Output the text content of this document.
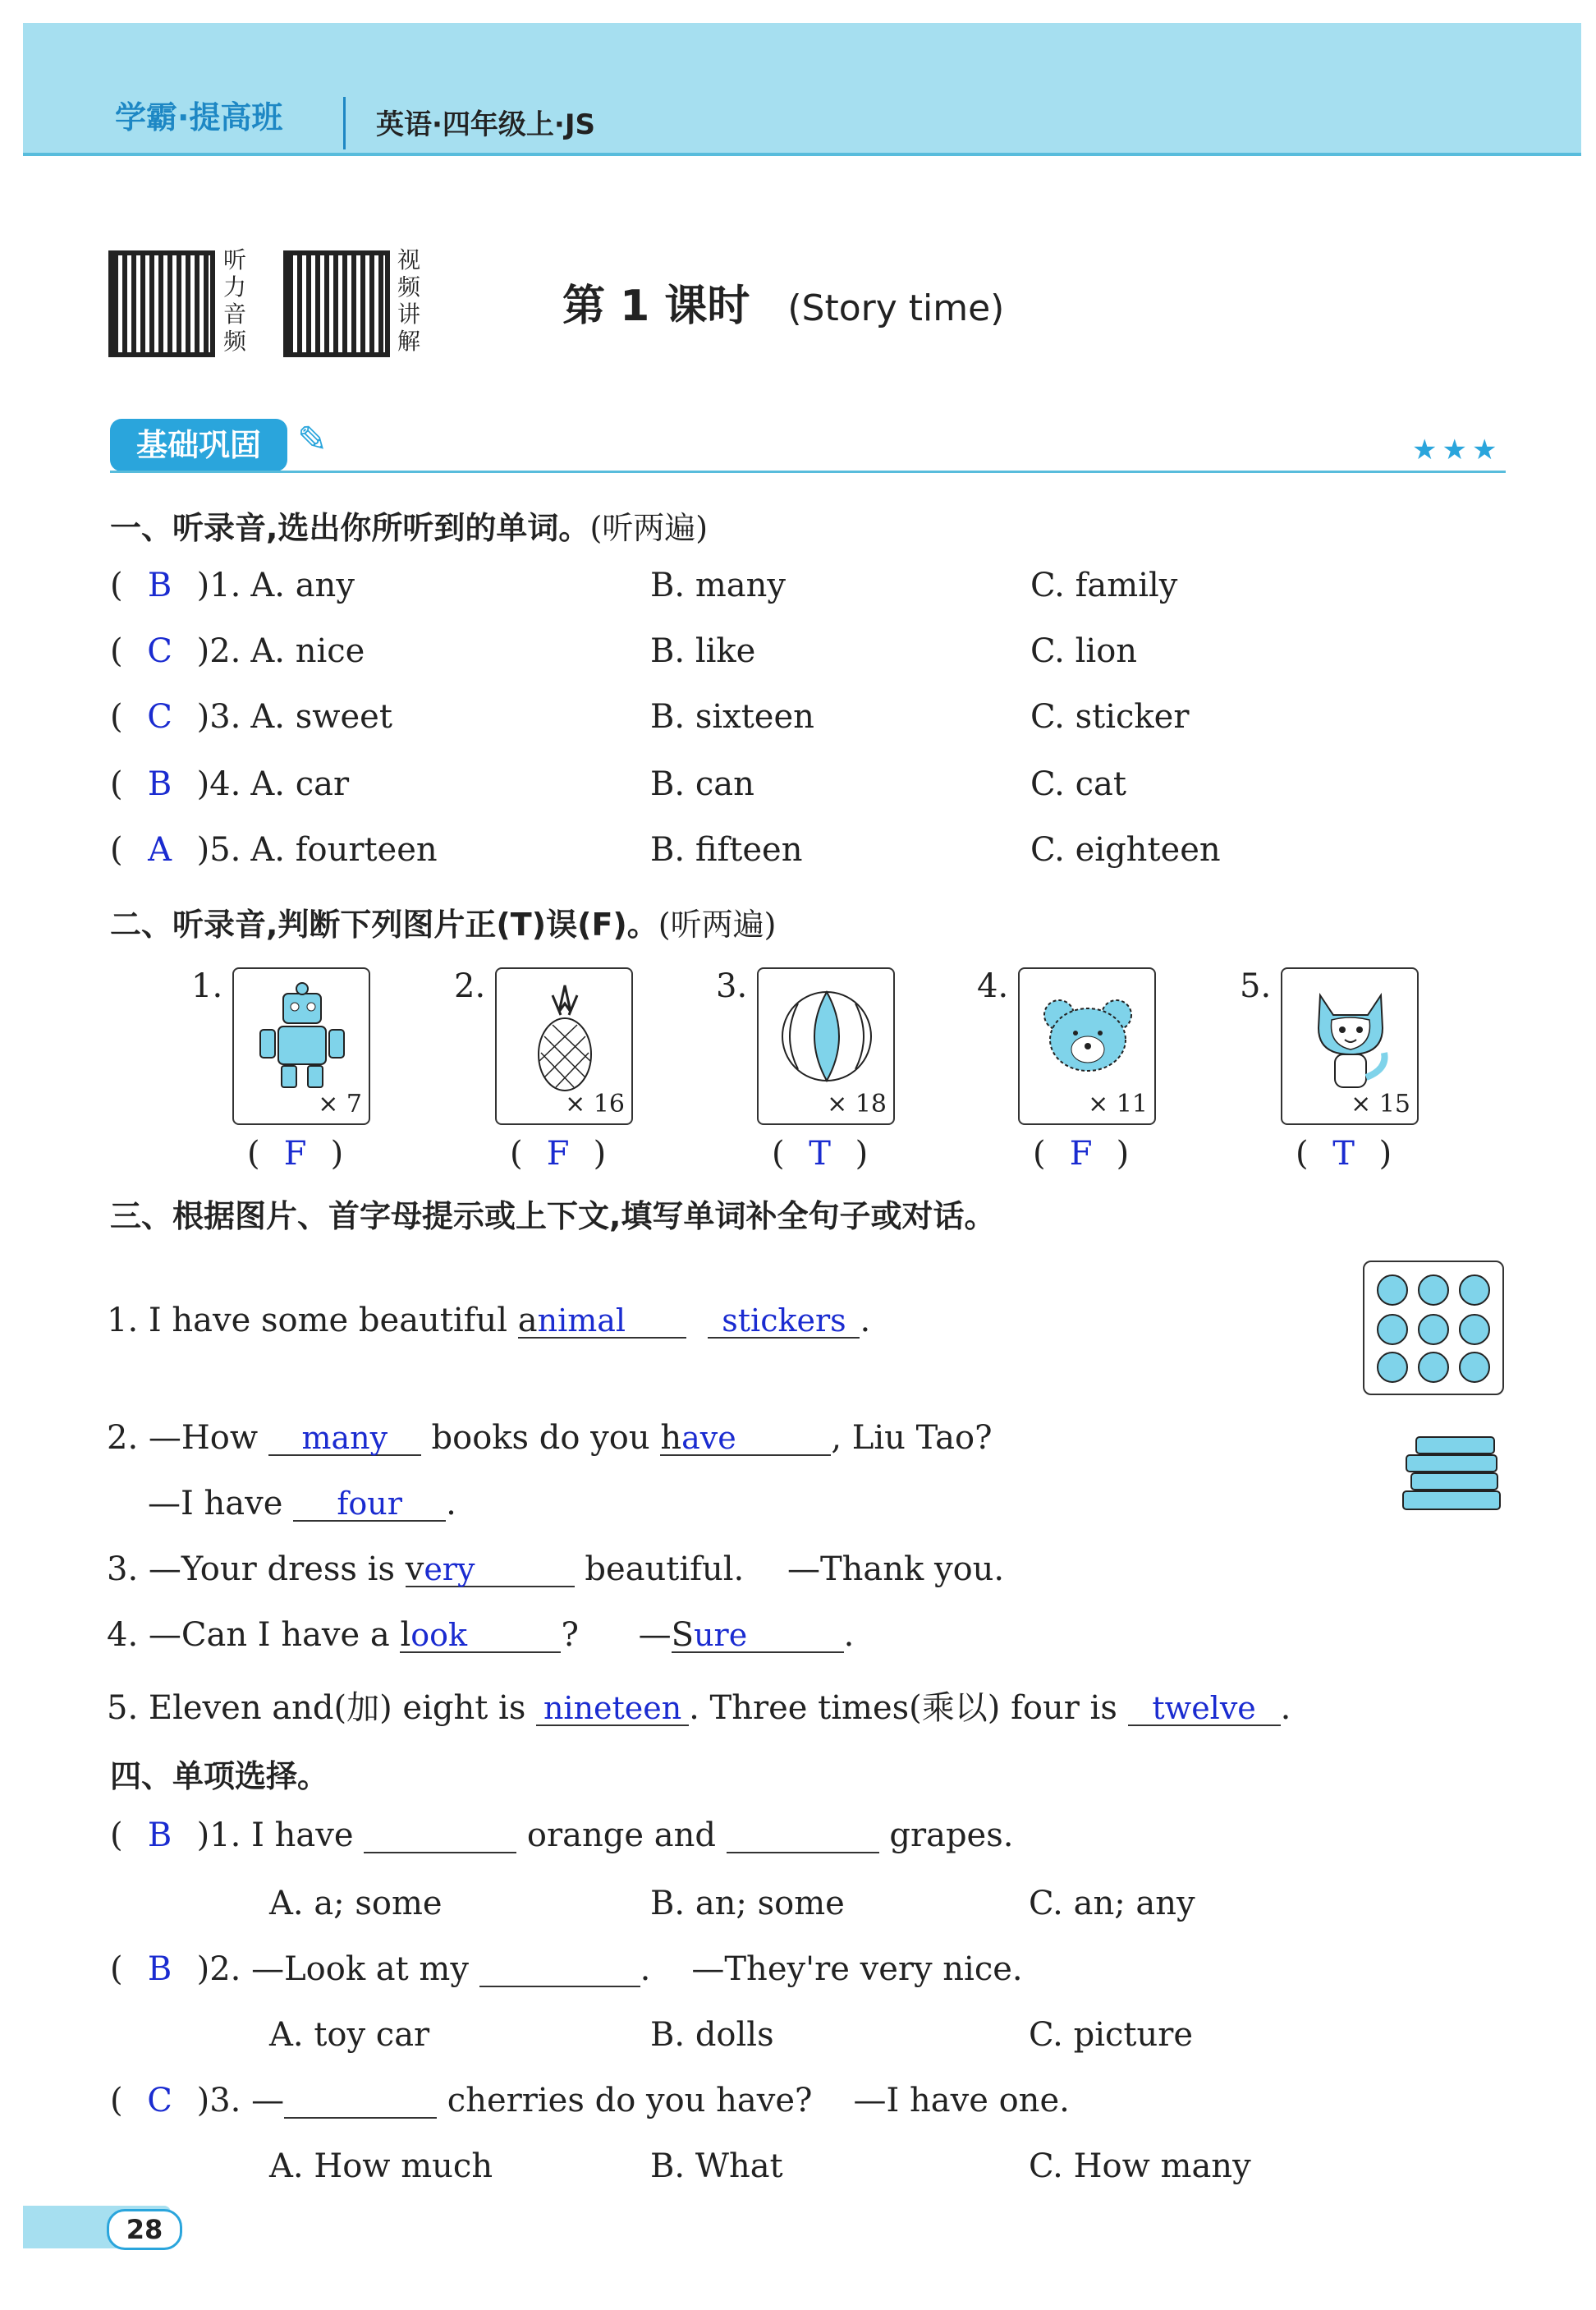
学霸·提高班	英语·四年级上·JS
听力音频
视频讲解
第 1 课时 (Story time)
基础巩固	✎	★★★
一、听录音,选出你所听到的单词。(听两遍)
( B )1. A. any	B. many	C. family
( C )2. A. nice	B. like	C. lion
( C )3. A. sweet	B. sixteen	C. sticker
( B )4. A. car	B. can	C. cat
( A )5. A. fourteen	B. fifteen	C. eighteen
二、听录音,判断下列图片正(T)误(F)。(听两遍)
1.
× 7
( F )
2.
× 16
( F )
3.
× 18
( T )
4.
× 11
( F )
5.
× 15
( T )
三、根据图片、首字母提示或上下文,填写单词补全句子或对话。
1. I have some beautiful animal	stickers .
2. —How many books do you have	, Liu Tao?
—I have four .
3. —Your dress is very	beautiful. —Thank you.
4. —Can I have a look	? —Sure	.
5. Eleven and(加) eight is nineteen . Three times(乘以) four is twelve .
四、单项选择。
( B )1. I have	orange and	grapes.
A. a; some	B. an; some	C. an; any
( B )2. —Look at my	. —They're very nice.
A. toy car	B. dolls	C. picture
( C )3. —	cherries do you have? —I have one.
A. How much	B. What	C. How many
28
